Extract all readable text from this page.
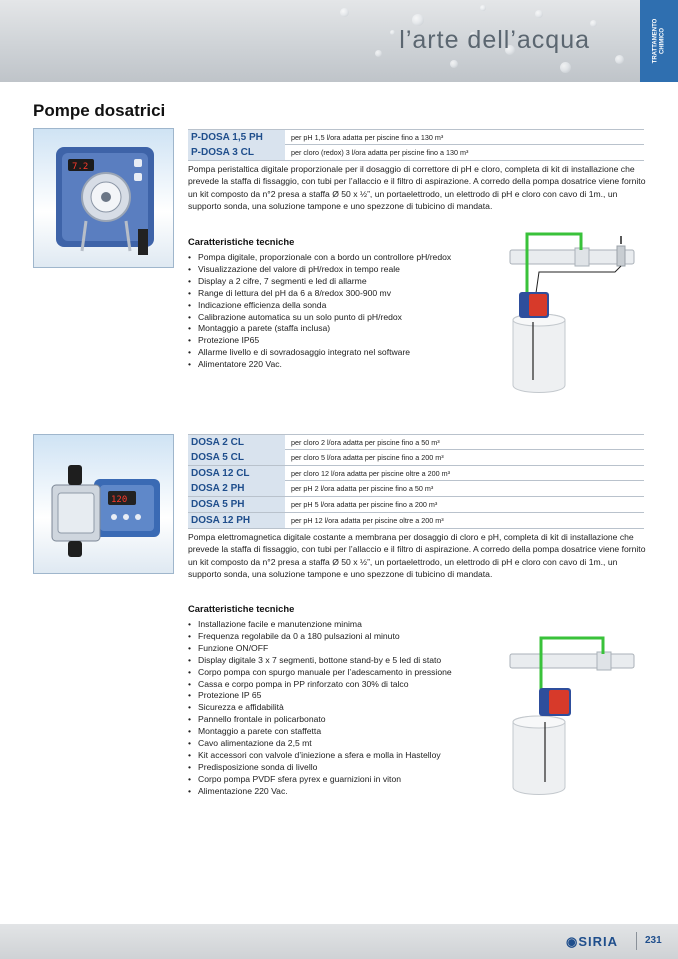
l’arte dell’acqua	TRATTAMENTO
CHIMICO
Pompe dosatrici
7.2
P-DOSA 1,5 PH	per pH 1,5 l/ora adatta per piscine fino a 130 m³
P-DOSA 3 CL	per cloro (redox) 3 l/ora adatta per piscine fino a 130 m³

Pompa peristaltica digitale proporzionale per il dosaggio di correttore di pH e cloro, completa di kit di installazione che prevede la staffa di fissaggio, con tubi per l’allaccio e il filtro di aspirazione. A corredo della pompa dosatrice viene fornito un kit composto da n°2 presa a staffa Ø 50 x ½”, un portaelettrodo, un elettrodo di pH e cloro con cavo di 1m., un supporto sonda, una soluzione tampone e uno spezzone di tubicino di mandata.

Caratteristiche tecniche
• Pompa digitale, proporzionale con a bordo un controllore pH/redox
• Visualizzazione del valore di pH/redox in tempo reale
• Display a 2 cifre, 7 segmenti e led di allarme
• Range di lettura del pH da 6 a 8/redox 300-900 mv
• Indicazione efficienza della sonda
• Calibrazione automatica su un solo punto di pH/redox
• Montaggio a parete (staffa inclusa)
• Protezione IP65
• Allarme livello e di sovradosaggio integrato nel software
• Alimentatore 220 Vac.
120
DOSA 2 CL	per cloro 2 l/ora adatta per piscine fino a 50 m³
DOSA 5 CL	per cloro 5 l/ora adatta per piscine fino a 200 m³
DOSA 12 CL	per cloro 12 l/ora adatta per piscine oltre a 200 m³
DOSA 2 PH	per pH 2 l/ora adatta per piscine fino a 50 m³
DOSA 5 PH	per pH 5 l/ora adatta per piscine fino a 200 m³
DOSA 12 PH	per pH 12 l/ora adatta per piscine oltre a 200 m³

Pompa elettromagnetica digitale costante a membrana per dosaggio di cloro e pH, completa di kit di installazione che prevede la staffa di fissaggio, con tubi per l’allaccio e il filtro di aspirazione. A corredo della pompa dosatrice viene fornito un kit composto da n°2 presa a staffa Ø 50 x ½”, un portaelettrodo, un elettrodo di pH e cloro con cavo di 1m., un supporto sonda, una soluzione tampone e uno spezzone di tubicino di mandata.

Caratteristiche tecniche
• Installazione facile e manutenzione minima
• Frequenza regolabile da 0 a 180 pulsazioni al minuto
• Funzione ON/OFF
• Display digitale 3 x 7 segmenti, bottone stand-by e 5 led di stato
• Corpo pompa con spurgo manuale per l’adescamento in pressione
• Cassa e corpo pompa in PP rinforzato con 30% di talco
• Protezione IP 65
• Sicurezza e affidabilità
• Pannello frontale in policarbonato
• Montaggio a parete con staffetta
• Cavo alimentazione da 2,5 mt
• Kit accessori con valvole d’iniezione a sfera e molla in Hastelloy
• Predisposizione sonda di livello
• Corpo pompa PVDF sfera pyrex e guarnizioni in viton
• Alimentazione 220 Vac.
◉SIRIA	231
